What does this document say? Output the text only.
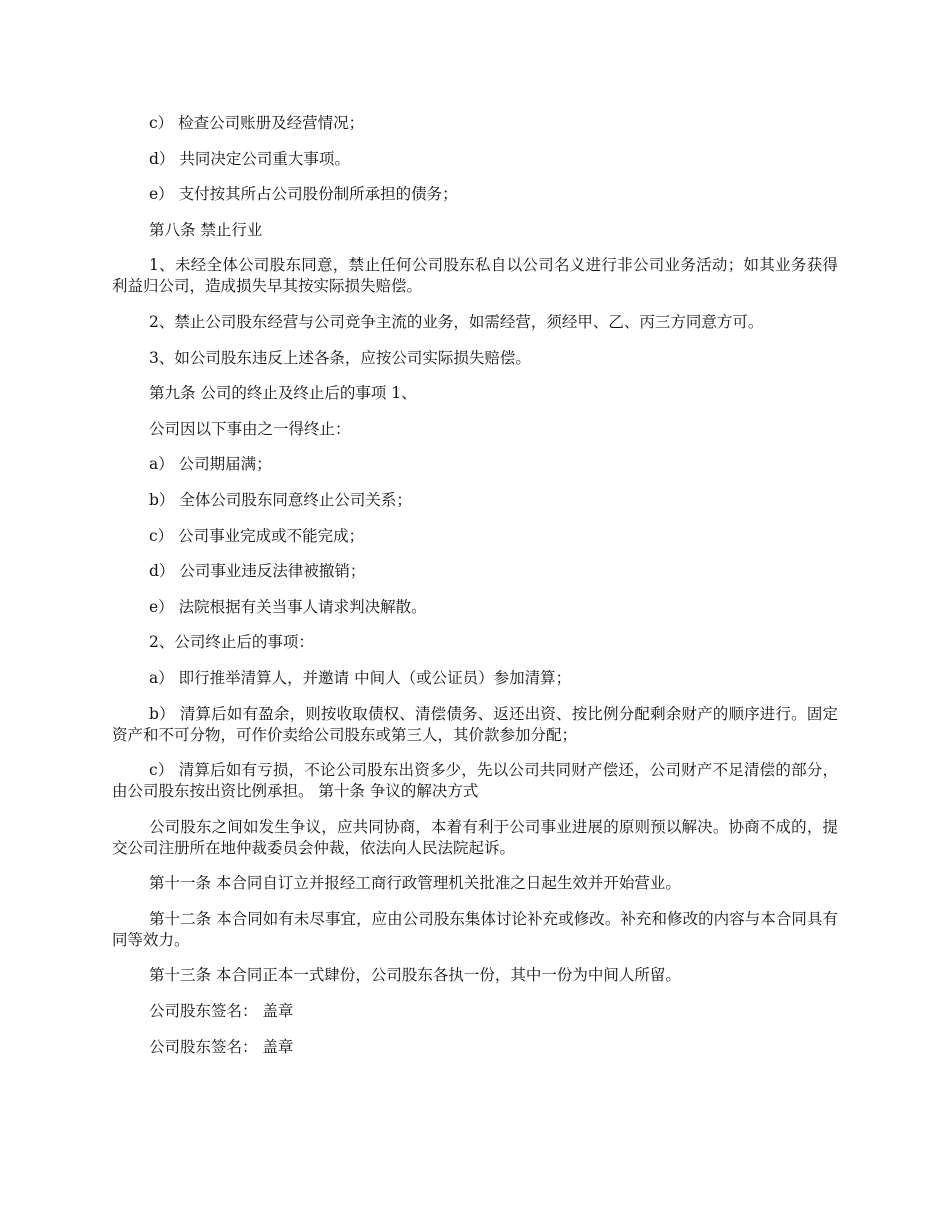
c） 检查公司账册及经营情况；

d） 共同决定公司重大事项。

e） 支付按其所占公司股份制所承担的债务；

第八条 禁止行业

1、未经全体公司股东同意，禁止任何公司股东私自以公司名义进行非公司业务活动；如其业务获得利益归公司，造成损失早其按实际损失赔偿。

2、禁止公司股东经营与公司竞争主流的业务，如需经营，须经甲、乙、丙三方同意方可。

3、如公司股东违反上述各条，应按公司实际损失赔偿。

第九条 公司的终止及终止后的事项 1、

公司因以下事由之一得终止：

a） 公司期届满；

b） 全体公司股东同意终止公司关系；

c） 公司事业完成或不能完成；

d） 公司事业违反法律被撤销；

e） 法院根据有关当事人请求判决解散。

2、公司终止后的事项：

a） 即行推举清算人，并邀请 中间人（或公证员）参加清算；

b） 清算后如有盈余，则按收取债权、清偿债务、返还出资、按比例分配剩余财产的顺序进行。固定资产和不可分物，可作价卖给公司股东或第三人，其价款参加分配；

c） 清算后如有亏损，不论公司股东出资多少，先以公司共同财产偿还，公司财产不足清偿的部分，由公司股东按出资比例承担。 第十条 争议的解决方式

公司股东之间如发生争议，应共同协商，本着有利于公司事业进展的原则预以解决。协商不成的，提交公司注册所在地仲裁委员会仲裁，依法向人民法院起诉。

第十一条 本合同自订立并报经工商行政管理机关批准之日起生效并开始营业。

第十二条 本合同如有未尽事宜，应由公司股东集体讨论补充或修改。补充和修改的内容与本合同具有同等效力。

第十三条 本合同正本一式肆份，公司股东各执一份，其中一份为中间人所留。

公司股东签名： 盖章

公司股东签名： 盖章
